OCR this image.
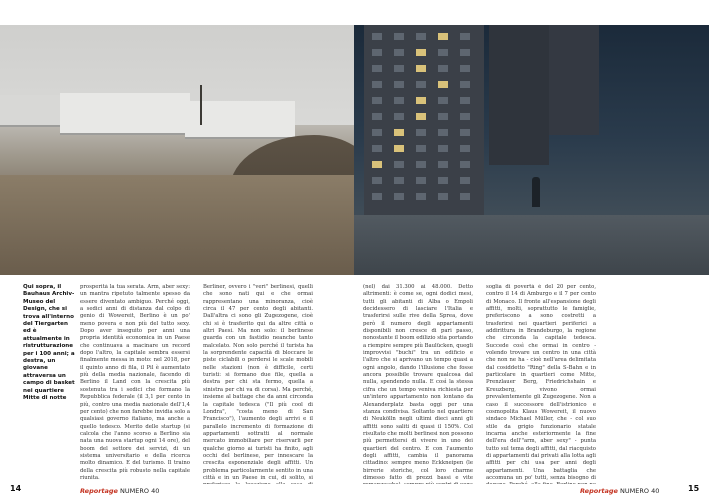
Qui sopra, il Bauhaus Archiv-Museo del Design, che si trova all'interno del Tiergarten ed è attualmente in ristrutturazione per i 100 anni; a destra, un giovane attraversa un campo di basket nei quartiere Mitte di notte

prosperità la tua serata. Arm, aber sexy: un mantra ripetuto talmente spesso da essere diventato ambiguo. Perché oggi, a sedici anni di distanza dal colpo di genio di Wowereit, Berlino è un po' meno povera e non più del tutto sexy. Dopo aver inseguito per anni una propria identità economica in un Paese che continuava a macinare un record dopo l'altro, la capitale sembra essersi finalmente messa in moto: nel 2018, per il quinto anno di fila, il Pil è aumentato più della media nazionale, facendo di Berlino il Land con la crescita più sostenuta tra i sedici che formano la Repubblica federale (il 3,1 per cento in più, contro una media nazionale dell'1,4 per cento) che non farebbe invidia solo a qualsiasi governo italiano, ma anche a quello tedesco. Merito delle startup (si calcola che l'anno scorso a Berlino sia nata una nuova startup ogni 14 ore), del boom del settore dei servizi, di un sistema universitario e della ricerca molto dinamico. E del turismo. Il trainо della crescita più robusto nella capitale riunita.

Berliner, ovvero i "veri" berlinesi, quelli che sono nati qui e che ormai rappresentano una minoranza, cioè circa il 47 per cento degli abitanti. Dall'altra ci sono gli Zugezogene, cioè chi si è trasferito qui da altre città o altri Paesi. Ma non solo: il berlinese guarda con un fastidio neanche tanto malcelato. Non solo perché il turista ha la sorprendente capacità di bloccare le piste ciclabili o perdersi le scale mobili nelle stazioni (non è difficile, certi turisti: si formano due file, quella a destra per chi sta fermo, quella a sinistra per chi va di corsa). Ma perché, insieme al battage che da anni circonda la capitale tedesca ("Il più cool di Londra", "costa meno di San Francisco"), l'aumento degli arrivi e il parallelo incremento di formazione di appartamenti sottratti al normale mercato immobiliare per riservarli per qualche giorno ai turisti ha finito, agli occhi del berlinese, per innescare la crescita esponenziale degli affitti. Un problema particolarmente sentito in una città e in un Paese in cui, di solito, si

(nel) dai 31.300 ai 48.000. Detto altrimenti: è come se, ogni dodici mesi, tutti gli abitanti di Alba o Empoli decidessero di lasciare l'Italia e trasferirsi sulle rive della Sprea, dove però il numero degli appartamenti disponibili non cresce di pari passo, nonostante il boom edilizio stia portando a riempire sempre più Baulücken, quegli improvvisi "buchi" tra un edificio e l'altro che si aprivano un tempo quasi a ogni angolo, dando l'illusione che fosse ancora possibile trovare qualcosa dal nulla, spendendo nulla. E così la stessa cifra che un tempo veniva richiesta per un'intero appartamento non lontano da Alexanderplatz basta oggi per una stanza condivisa. Soltanto nel quartiere di Neukölln negli ultimi dieci anni gli affitti sono saliti di quasi il 150%. Col risultato che molti berlinesi non possono più permettersi di vivere in uno dei quartieri del centro. E con l'aumento degli affitti, cambia il panorama cittadino: sempre meno Eckkneipen (le birrerie storiche, col loro charme dimesso fatto di prezzi bassi e vite

soglia di povertà è del 20 per cento, contro il 14 di Amburgo e il 7 per cento di Monaco. Il fronte all'espansione degli affitti, molti, soprattutto le famiglie, preferiscono a sono costretti a trasferirsi nei quartieri periferici a addirittura in Brandeburgo, la regione che circonda la capitale tedesca. Succede così che ormai in centro - volendo trovare un centro in una città che non ne ha - cioè nell'area delimitata dal cosiddetto "Ring" della S-Bahn e in particolare in quartieri come Mitte, Prenzlauer Berg, Friedrichshain e Kreuzberg, vivono ormai prevalentemente gli Zugezogene. Non a caso il successore dell'istrionico e cosmopolita Klaus Wowereit, il nuovo sindaco Michael Müller, che - col suo stile da grigio funzionario statale incarna anche esteriormente la fine dell'era dell'"arm, aber sexy" - punta tutto sul tema degli affitti, dal riacquisto di appartamenti dai privati alla lotta agli affitti per chi usa per anni degli appartamenti. Una battaglia che accomuna un po' tutti, senza bisogno di

14	Reportage NUMERO 40	Reportage NUMERO 40	15
